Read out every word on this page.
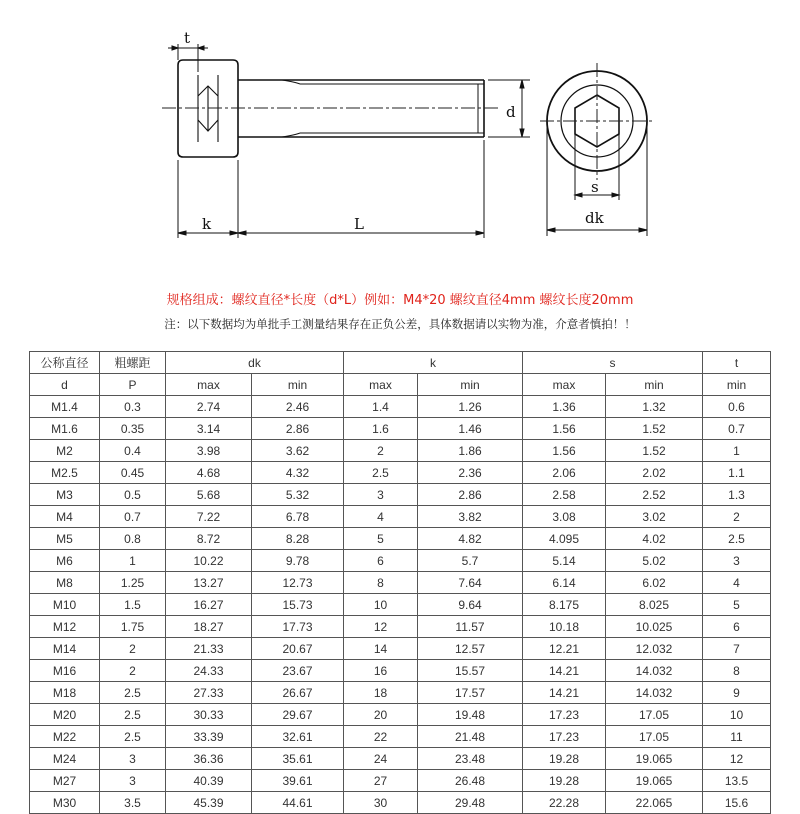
t
d
k	L
s
dk
规格组成：螺纹直径*长度（d*L）例如：M4*20 螺纹直径4mm 螺纹长度20mm
注：以下数据均为单批手工测量结果存在正负公差，具体数据请以实物为准，介意者慎拍！！
公称直径	粗螺距	dk		k		s		t
d	P	max	min	max	min	max	min	min
M1.4	0.3	2.74	2.46	1.4	1.26	1.36	1.32	0.6
M1.6	0.35	3.14	2.86	1.6	1.46	1.56	1.52	0.7
M2	0.4	3.98	3.62	2	1.86	1.56	1.52	1
M2.5	0.45	4.68	4.32	2.5	2.36	2.06	2.02	1.1
M3	0.5	5.68	5.32	3	2.86	2.58	2.52	1.3
M4	0.7	7.22	6.78	4	3.82	3.08	3.02	2
M5	0.8	8.72	8.28	5	4.82	4.095	4.02	2.5
M6	1	10.22	9.78	6	5.7	5.14	5.02	3
M8	1.25	13.27	12.73	8	7.64	6.14	6.02	4
M10	1.5	16.27	15.73	10	9.64	8.175	8.025	5
M12	1.75	18.27	17.73	12	11.57	10.18	10.025	6
M14	2	21.33	20.67	14	12.57	12.21	12.032	7
M16	2	24.33	23.67	16	15.57	14.21	14.032	8
M18	2.5	27.33	26.67	18	17.57	14.21	14.032	9
M20	2.5	30.33	29.67	20	19.48	17.23	17.05	10
M22	2.5	33.39	32.61	22	21.48	17.23	17.05	11
M24	3	36.36	35.61	24	23.48	19.28	19.065	12
M27	3	40.39	39.61	27	26.48	19.28	19.065	13.5
M30	3.5	45.39	44.61	30	29.48	22.28	22.065	15.6
